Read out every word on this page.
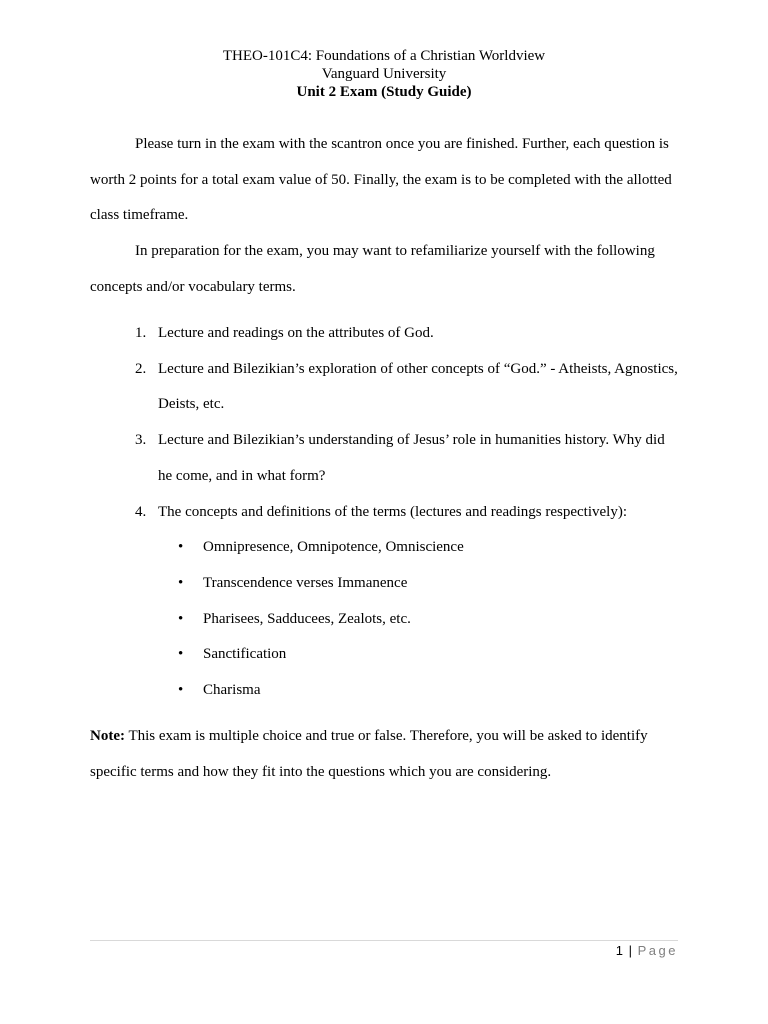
THEO-101C4: Foundations of a Christian Worldview
Vanguard University
Unit 2 Exam (Study Guide)

Please turn in the exam with the scantron once you are finished. Further, each question is worth 2 points for a total exam value of 50. Finally, the exam is to be completed with the allotted class timeframe.

In preparation for the exam, you may want to refamiliarize yourself with the following concepts and/or vocabulary terms.

1. Lecture and readings on the attributes of God.
2. Lecture and Bilezikian’s exploration of other concepts of “God.” - Atheists, Agnostics, Deists, etc.
3. Lecture and Bilezikian’s understanding of Jesus’ role in humanities history. Why did he come, and in what form?
4. The concepts and definitions of the terms (lectures and readings respectively):
• Omnipresence, Omnipotence, Omniscience
• Transcendence verses Immanence
• Pharisees, Sadducees, Zealots, etc.
• Sanctification
• Charisma

Note: This exam is multiple choice and true or false. Therefore, you will be asked to identify specific terms and how they fit into the questions which you are considering.

1 | Page
